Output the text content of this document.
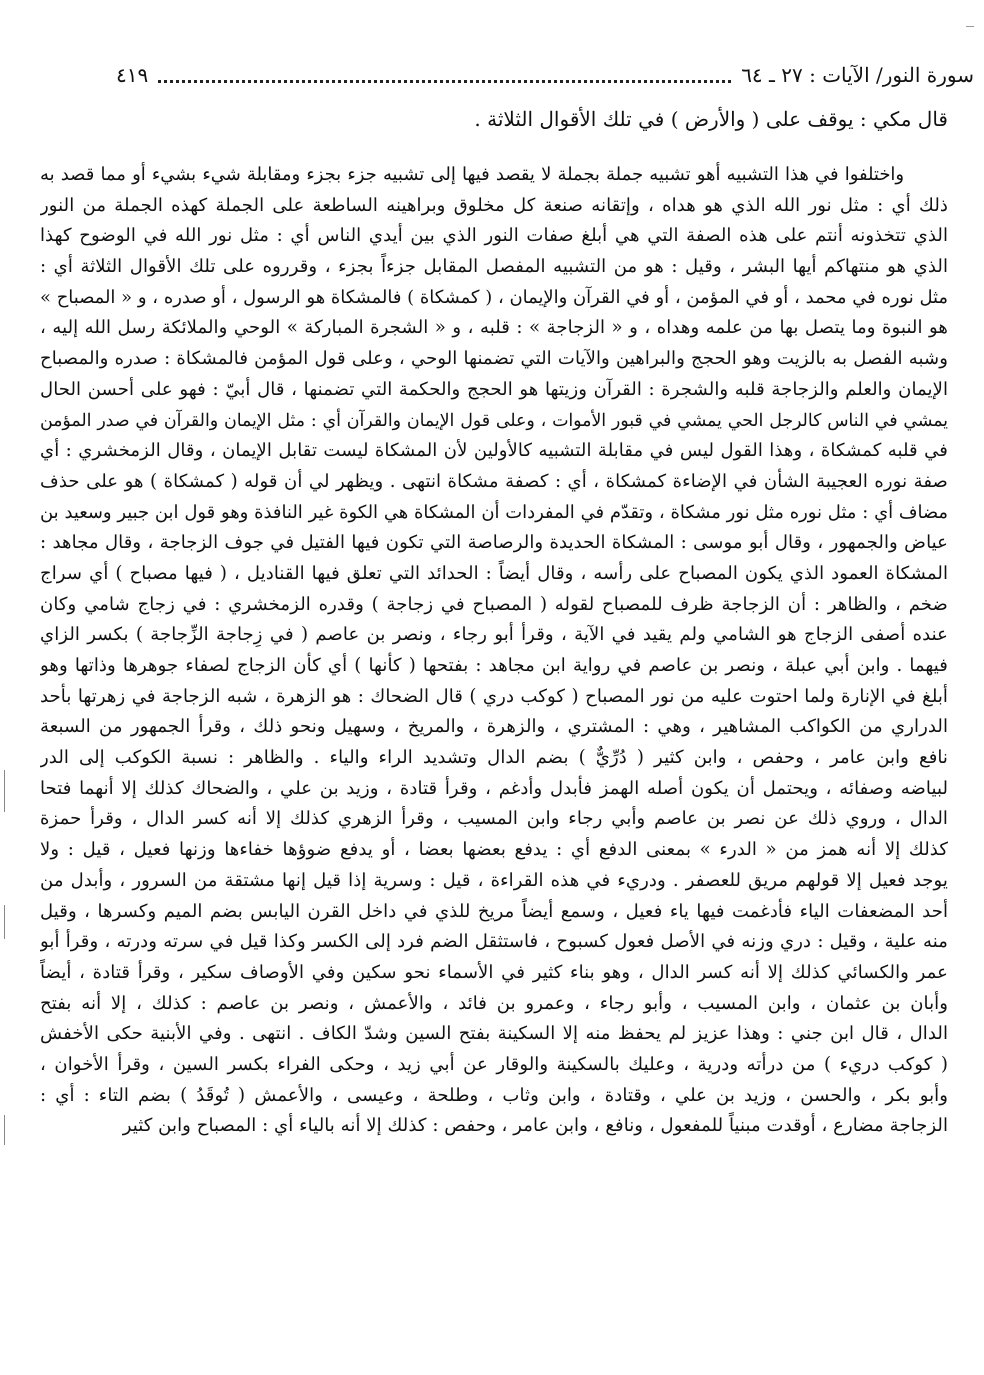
سورة النور/ الآيات : ٢٧ ـ ٦٤
٤١٩
قال مكي : يوقف على ( والأرض ) في تلك الأقوال الثلاثة .
واختلفوا في هذا التشبيه أهو تشبيه جملة بجملة لا يقصد فيها إلى تشبيه جزء بجزء ومقابلة شيء بشيء أو مما قصد به
ذلك أي : مثل نور الله الذي هو هداه ، وإتقانه صنعة كل مخلوق وبراهينه الساطعة على الجملة كهذه الجملة من النور
الذي تتخذونه أنتم على هذه الصفة التي هي أبلغ صفات النور الذي بين أيدي الناس أي : مثل نور الله في الوضوح كهذا
الذي هو منتهاكم أيها البشر ، وقيل : هو من التشبيه المفصل المقابل جزءاً بجزء ، وقرروه على تلك الأقوال الثلاثة أي :
مثل نوره في محمد ، أو في المؤمن ، أو في القرآن والإيمان ، ( كمشكاة ) فالمشكاة هو الرسول ، أو صدره ، و « المصباح »
هو النبوة وما يتصل بها من علمه وهداه ، و « الزجاجة » : قلبه ، و « الشجرة المباركة » الوحي والملائكة رسل الله إليه ،
وشبه الفصل به بالزيت وهو الحجج والبراهين والآيات التي تضمنها الوحي ، وعلى قول المؤمن فالمشكاة : صدره والمصباح
الإيمان والعلم والزجاجة قلبه والشجرة : القرآن وزيتها هو الحجج والحكمة التي تضمنها ، قال أبيّ : فهو على أحسن الحال
يمشي في الناس كالرجل الحي يمشي في قبور الأموات ، وعلى قول الإيمان والقرآن أي : مثل الإيمان والقرآن في صدر المؤمن
في قلبه كمشكاة ، وهذا القول ليس في مقابلة التشبيه كالأولين لأن المشكاة ليست تقابل الإيمان ، وقال الزمخشري : أي
صفة نوره العجيبة الشأن في الإضاءة كمشكاة ، أي : كصفة مشكاة انتهى . ويظهر لي أن قوله ( كمشكاة ) هو على حذف
مضاف أي : مثل نوره مثل نور مشكاة ، وتقدّم في المفردات أن المشكاة هي الكوة غير النافذة وهو قول ابن جبير وسعيد بن
عياض والجمهور ، وقال أبو موسى : المشكاة الحديدة والرصاصة التي تكون فيها الفتيل في جوف الزجاجة ، وقال مجاهد :
المشكاة العمود الذي يكون المصباح على رأسه ، وقال أيضاً : الحدائد التي تعلق فيها القناديل ، ( فيها مصباح ) أي سراج
ضخم ، والظاهر : أن الزجاجة ظرف للمصباح لقوله ( المصباح في زجاجة ) وقدره الزمخشري : في زجاج شامي وكان
عنده أصفى الزجاج هو الشامي ولم يقيد في الآية ، وقرأ أبو رجاء ، ونصر بن عاصم ( في زِجاجة الزِّجاجة ) بكسر الزاي
فيهما . وابن أبي عبلة ، ونصر بن عاصم في رواية ابن مجاهد : بفتحها ( كأنها ) أي كأن الزجاج لصفاء جوهرها وذاتها وهو
أبلغ في الإنارة ولما احتوت عليه من نور المصباح ( كوكب دري ) قال الضحاك : هو الزهرة ، شبه الزجاجة في زهرتها بأحد
الدراري من الكواكب المشاهير ، وهي : المشتري ، والزهرة ، والمريخ ، وسهيل ونحو ذلك ، وقرأ الجمهور من السبعة
نافع وابن عامر ، وحفص ، وابن كثير ( دُرِّيٌّ ) بضم الدال وتشديد الراء والياء . والظاهر : نسبة الكوكب إلى الدر
لبياضه وصفائه ، ويحتمل أن يكون أصله الهمز فأبدل وأدغم ، وقرأ قتادة ، وزيد بن علي ، والضحاك كذلك إلا أنهما فتحا
الدال ، وروي ذلك عن نصر بن عاصم وأبي رجاء وابن المسيب ، وقرأ الزهري كذلك إلا أنه كسر الدال ، وقرأ حمزة
كذلك إلا أنه همز من « الدرء » بمعنى الدفع أي : يدفع بعضها بعضا ، أو يدفع ضوؤها خفاءها وزنها فعيل ، قيل : ولا
يوجد فعيل إلا قولهم مريق للعصفر . ودريء في هذه القراءة ، قيل : وسرية إذا قيل إنها مشتقة من السرور ، وأبدل من
أحد المضعفات الياء فأدغمت فيها ياء فعيل ، وسمع أيضاً مريخ للذي في داخل القرن اليابس بضم الميم وكسرها ، وقيل
منه علية ، وقيل : دري وزنه في الأصل فعول كسبوح ، فاستثقل الضم فرد إلى الكسر وكذا قيل في سرته ودرته ، وقرأ أبو
عمر والكسائي كذلك إلا أنه كسر الدال ، وهو بناء كثير في الأسماء نحو سكين وفي الأوصاف سكير ، وقرأ قتادة ، أيضاً
وأبان بن عثمان ، وابن المسيب ، وأبو رجاء ، وعمرو بن فائد ، والأعمش ، ونصر بن عاصم : كذلك ، إلا أنه بفتح
الدال ، قال ابن جني : وهذا عزيز لم يحفظ منه إلا السكينة بفتح السين وشدّ الكاف . انتهى . وفي الأبنية حكى الأخفش
( كوكب دريء ) من درأته ودرية ، وعليك بالسكينة والوقار عن أبي زيد ، وحكى الفراء بكسر السين ، وقرأ الأخوان ،
وأبو بكر ، والحسن ، وزيد بن علي ، وقتادة ، وابن وثاب ، وطلحة ، وعيسى ، والأعمش ( تُوقَدُ ) بضم التاء : أي :
الزجاجة مضارع ، أوقدت مبنياً للمفعول ، ونافع ، وابن عامر ، وحفص : كذلك إلا أنه بالياء أي : المصباح وابن كثير
